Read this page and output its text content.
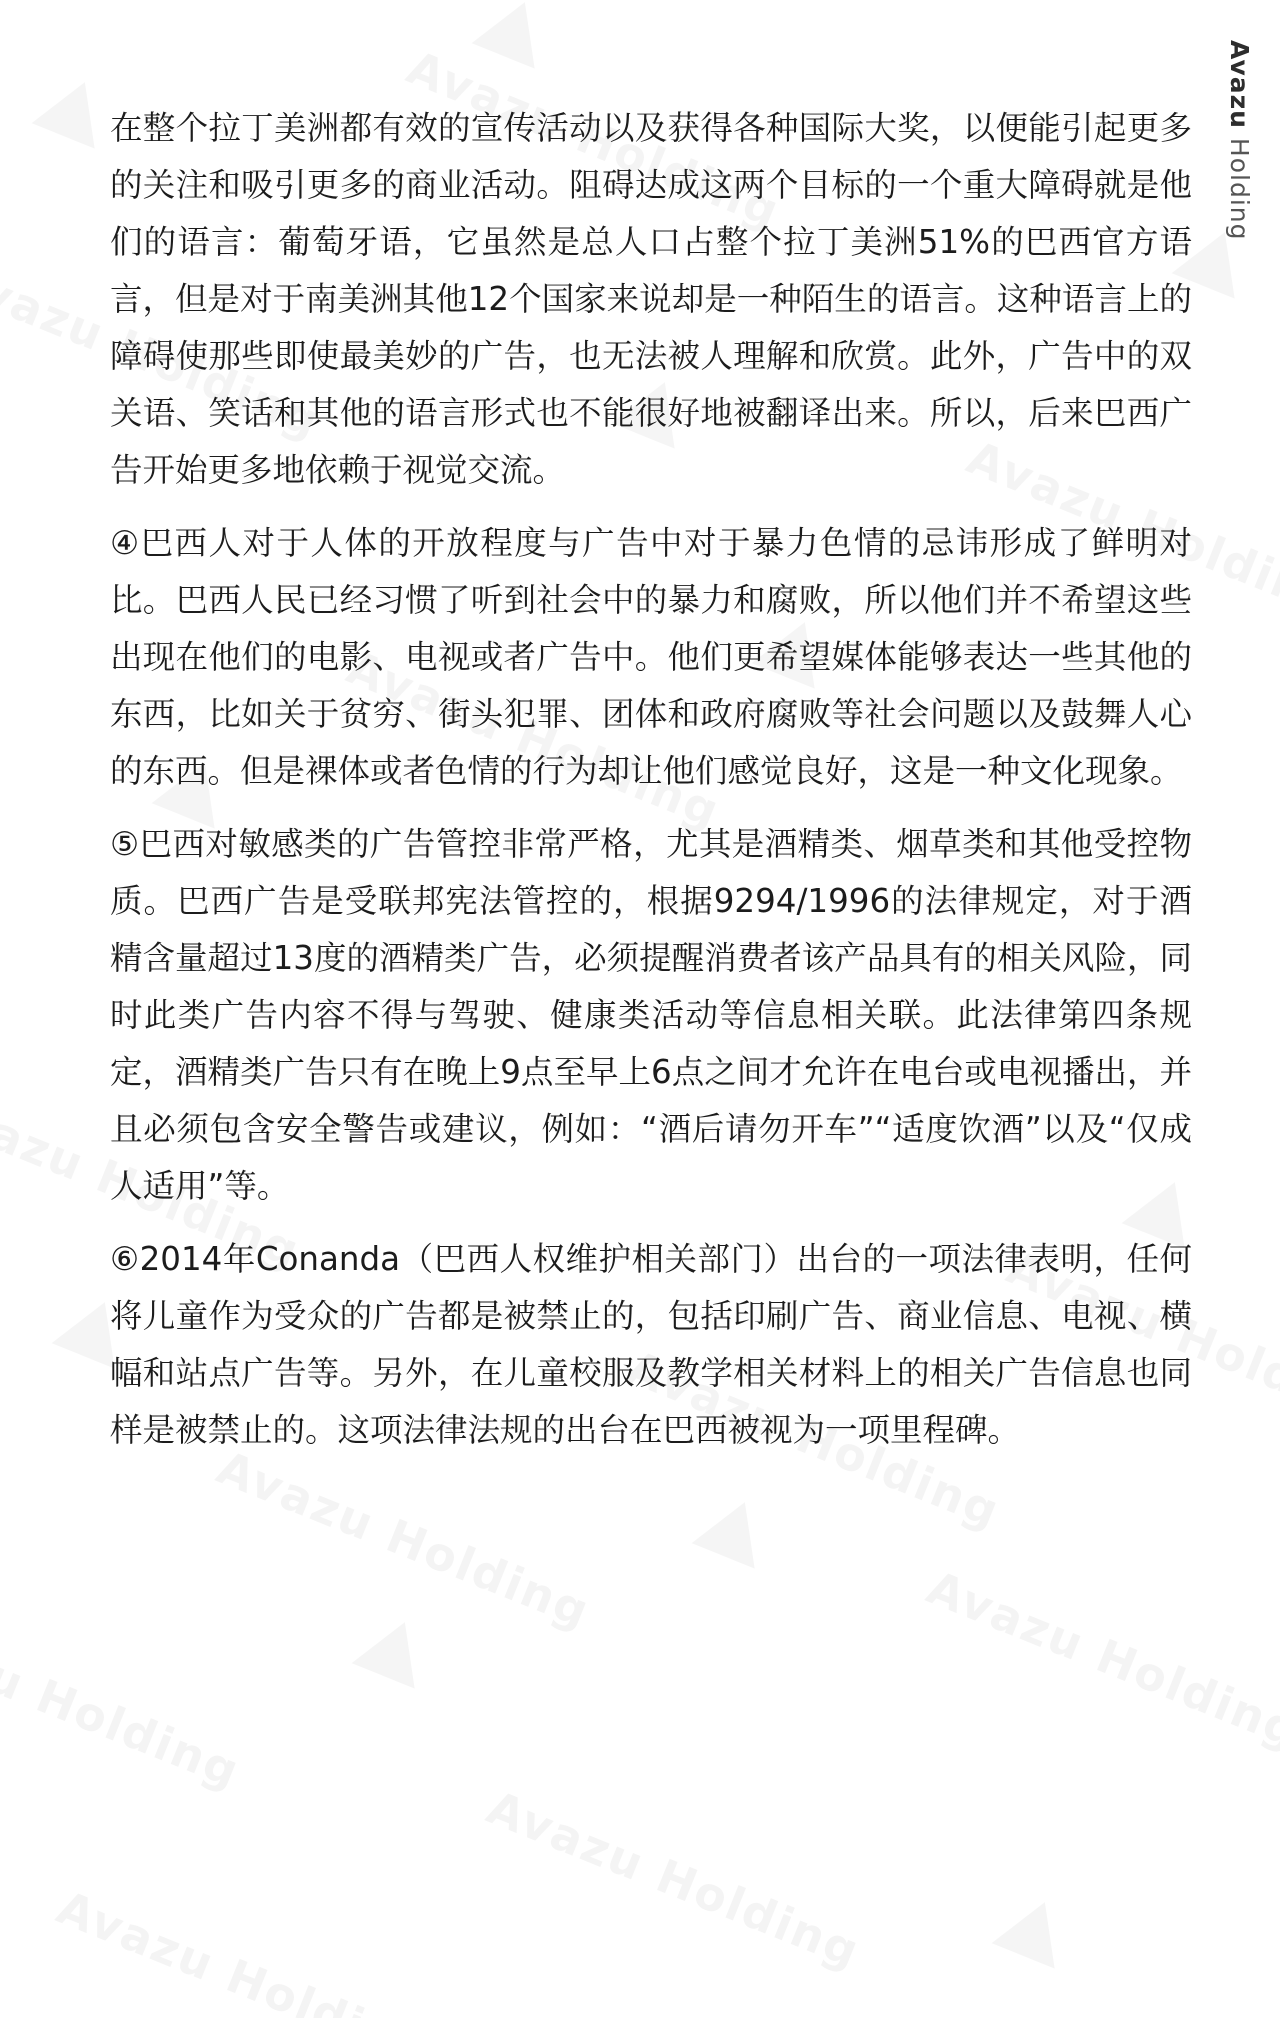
Avazu Holding

在整个拉丁美洲都有效的宣传活动以及获得各种国际大奖，以便能引起更多的关注和吸引更多的商业活动。阻碍达成这两个目标的一个重大障碍就是他们的语言：葡萄牙语，它虽然是总人口占整个拉丁美洲51%的巴西官方语言，但是对于南美洲其他12个国家来说却是一种陌生的语言。这种语言上的障碍使那些即使最美妙的广告，也无法被人理解和欣赏。此外，广告中的双关语、笑话和其他的语言形式也不能很好地被翻译出来。所以，后来巴西广告开始更多地依赖于视觉交流。

④巴西人对于人体的开放程度与广告中对于暴力色情的忌讳形成了鲜明对比。巴西人民已经习惯了听到社会中的暴力和腐败，所以他们并不希望这些出现在他们的电影、电视或者广告中。他们更希望媒体能够表达一些其他的东西，比如关于贫穷、街头犯罪、团体和政府腐败等社会问题以及鼓舞人心的东西。但是裸体或者色情的行为却让他们感觉良好，这是一种文化现象。

⑤巴西对敏感类的广告管控非常严格，尤其是酒精类、烟草类和其他受控物质。巴西广告是受联邦宪法管控的，根据9294/1996的法律规定，对于酒精含量超过13度的酒精类广告，必须提醒消费者该产品具有的相关风险，同时此类广告内容不得与驾驶、健康类活动等信息相关联。此法律第四条规定，酒精类广告只有在晚上9点至早上6点之间才允许在电台或电视播出，并且必须包含安全警告或建议，例如：“酒后请勿开车”“适度饮酒”以及“仅成人适用”等。

⑥2014年Conanda（巴西人权维护相关部门）出台的一项法律表明，任何将儿童作为受众的广告都是被禁止的，包括印刷广告、商业信息、电视、横幅和站点广告等。另外，在儿童校服及教学相关材料上的相关广告信息也同样是被禁止的。这项法律法规的出台在巴西被视为一项里程碑。
